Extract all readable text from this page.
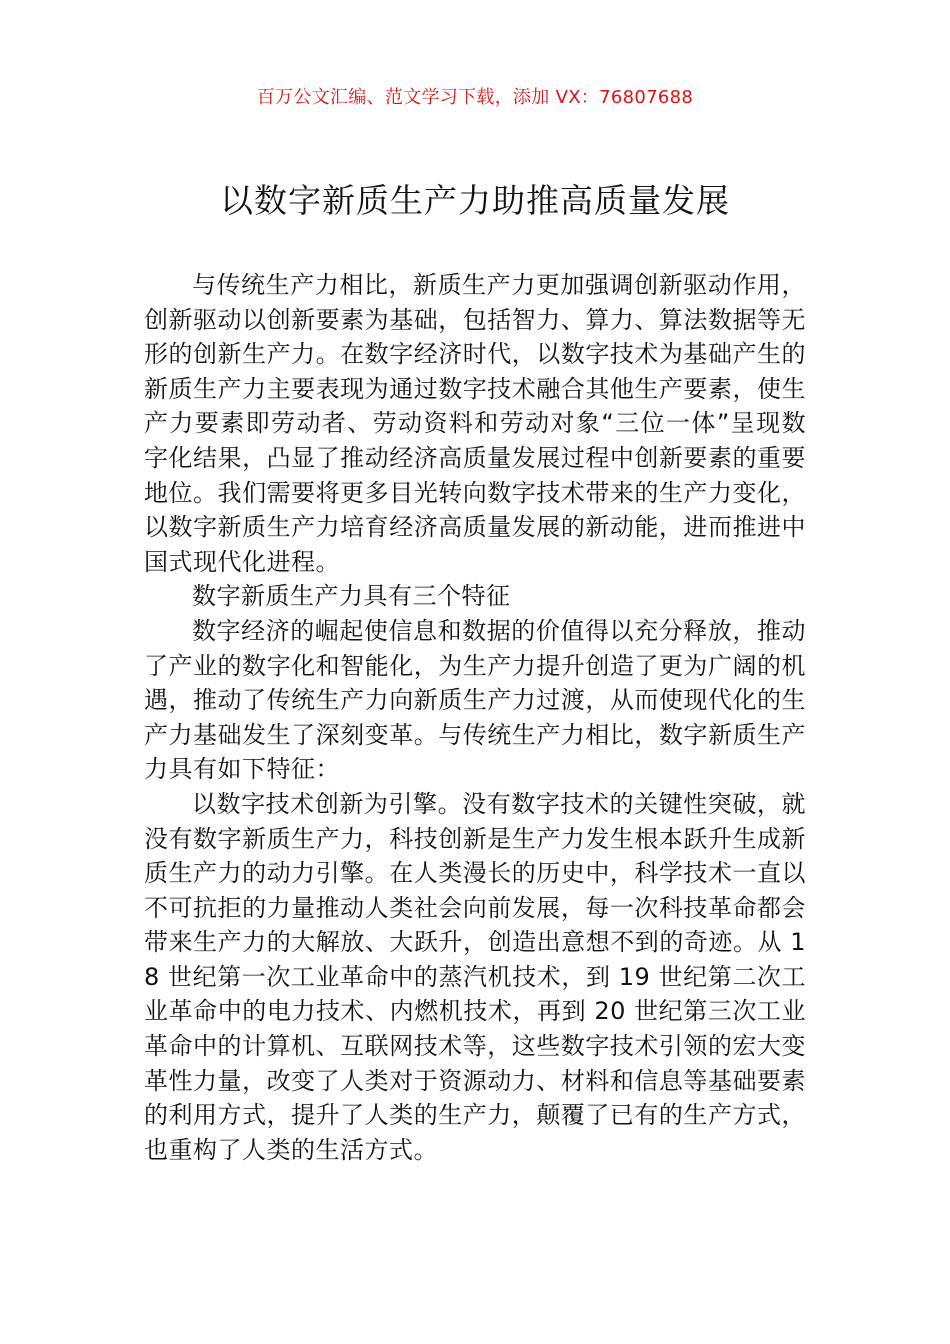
百万公文汇编、范文学习下载，添加 VX：76807688
以数字新质生产力助推高质量发展

与传统生产力相比，新质生产力更加强调创新驱动作用，创新驱动以创新要素为基础，包括智力、算力、算法数据等无形的创新生产力。在数字经济时代，以数字技术为基础产生的新质生产力主要表现为通过数字技术融合其他生产要素，使生产力要素即劳动者、劳动资料和劳动对象“三位一体”呈现数字化结果，凸显了推动经济高质量发展过程中创新要素的重要地位。我们需要将更多目光转向数字技术带来的生产力变化，以数字新质生产力培育经济高质量发展的新动能，进而推进中国式现代化进程。

数字新质生产力具有三个特征

数字经济的崛起使信息和数据的价值得以充分释放，推动了产业的数字化和智能化，为生产力提升创造了更为广阔的机遇，推动了传统生产力向新质生产力过渡，从而使现代化的生产力基础发生了深刻变革。与传统生产力相比，数字新质生产力具有如下特征：

以数字技术创新为引擎。没有数字技术的关键性突破，就没有数字新质生产力，科技创新是生产力发生根本跃升生成新质生产力的动力引擎。在人类漫长的历史中，科学技术一直以不可抗拒的力量推动人类社会向前发展，每一次科技革命都会带来生产力的大解放、大跃升，创造出意想不到的奇迹。从 18 世纪第一次工业革命中的蒸汽机技术，到 19 世纪第二次工业革命中的电力技术、内燃机技术，再到 20 世纪第三次工业革命中的计算机、互联网技术等，这些数字技术引领的宏大变革性力量，改变了人类对于资源动力、材料和信息等基础要素的利用方式，提升了人类的生产力，颠覆了已有的生产方式，也重构了人类的生活方式。
